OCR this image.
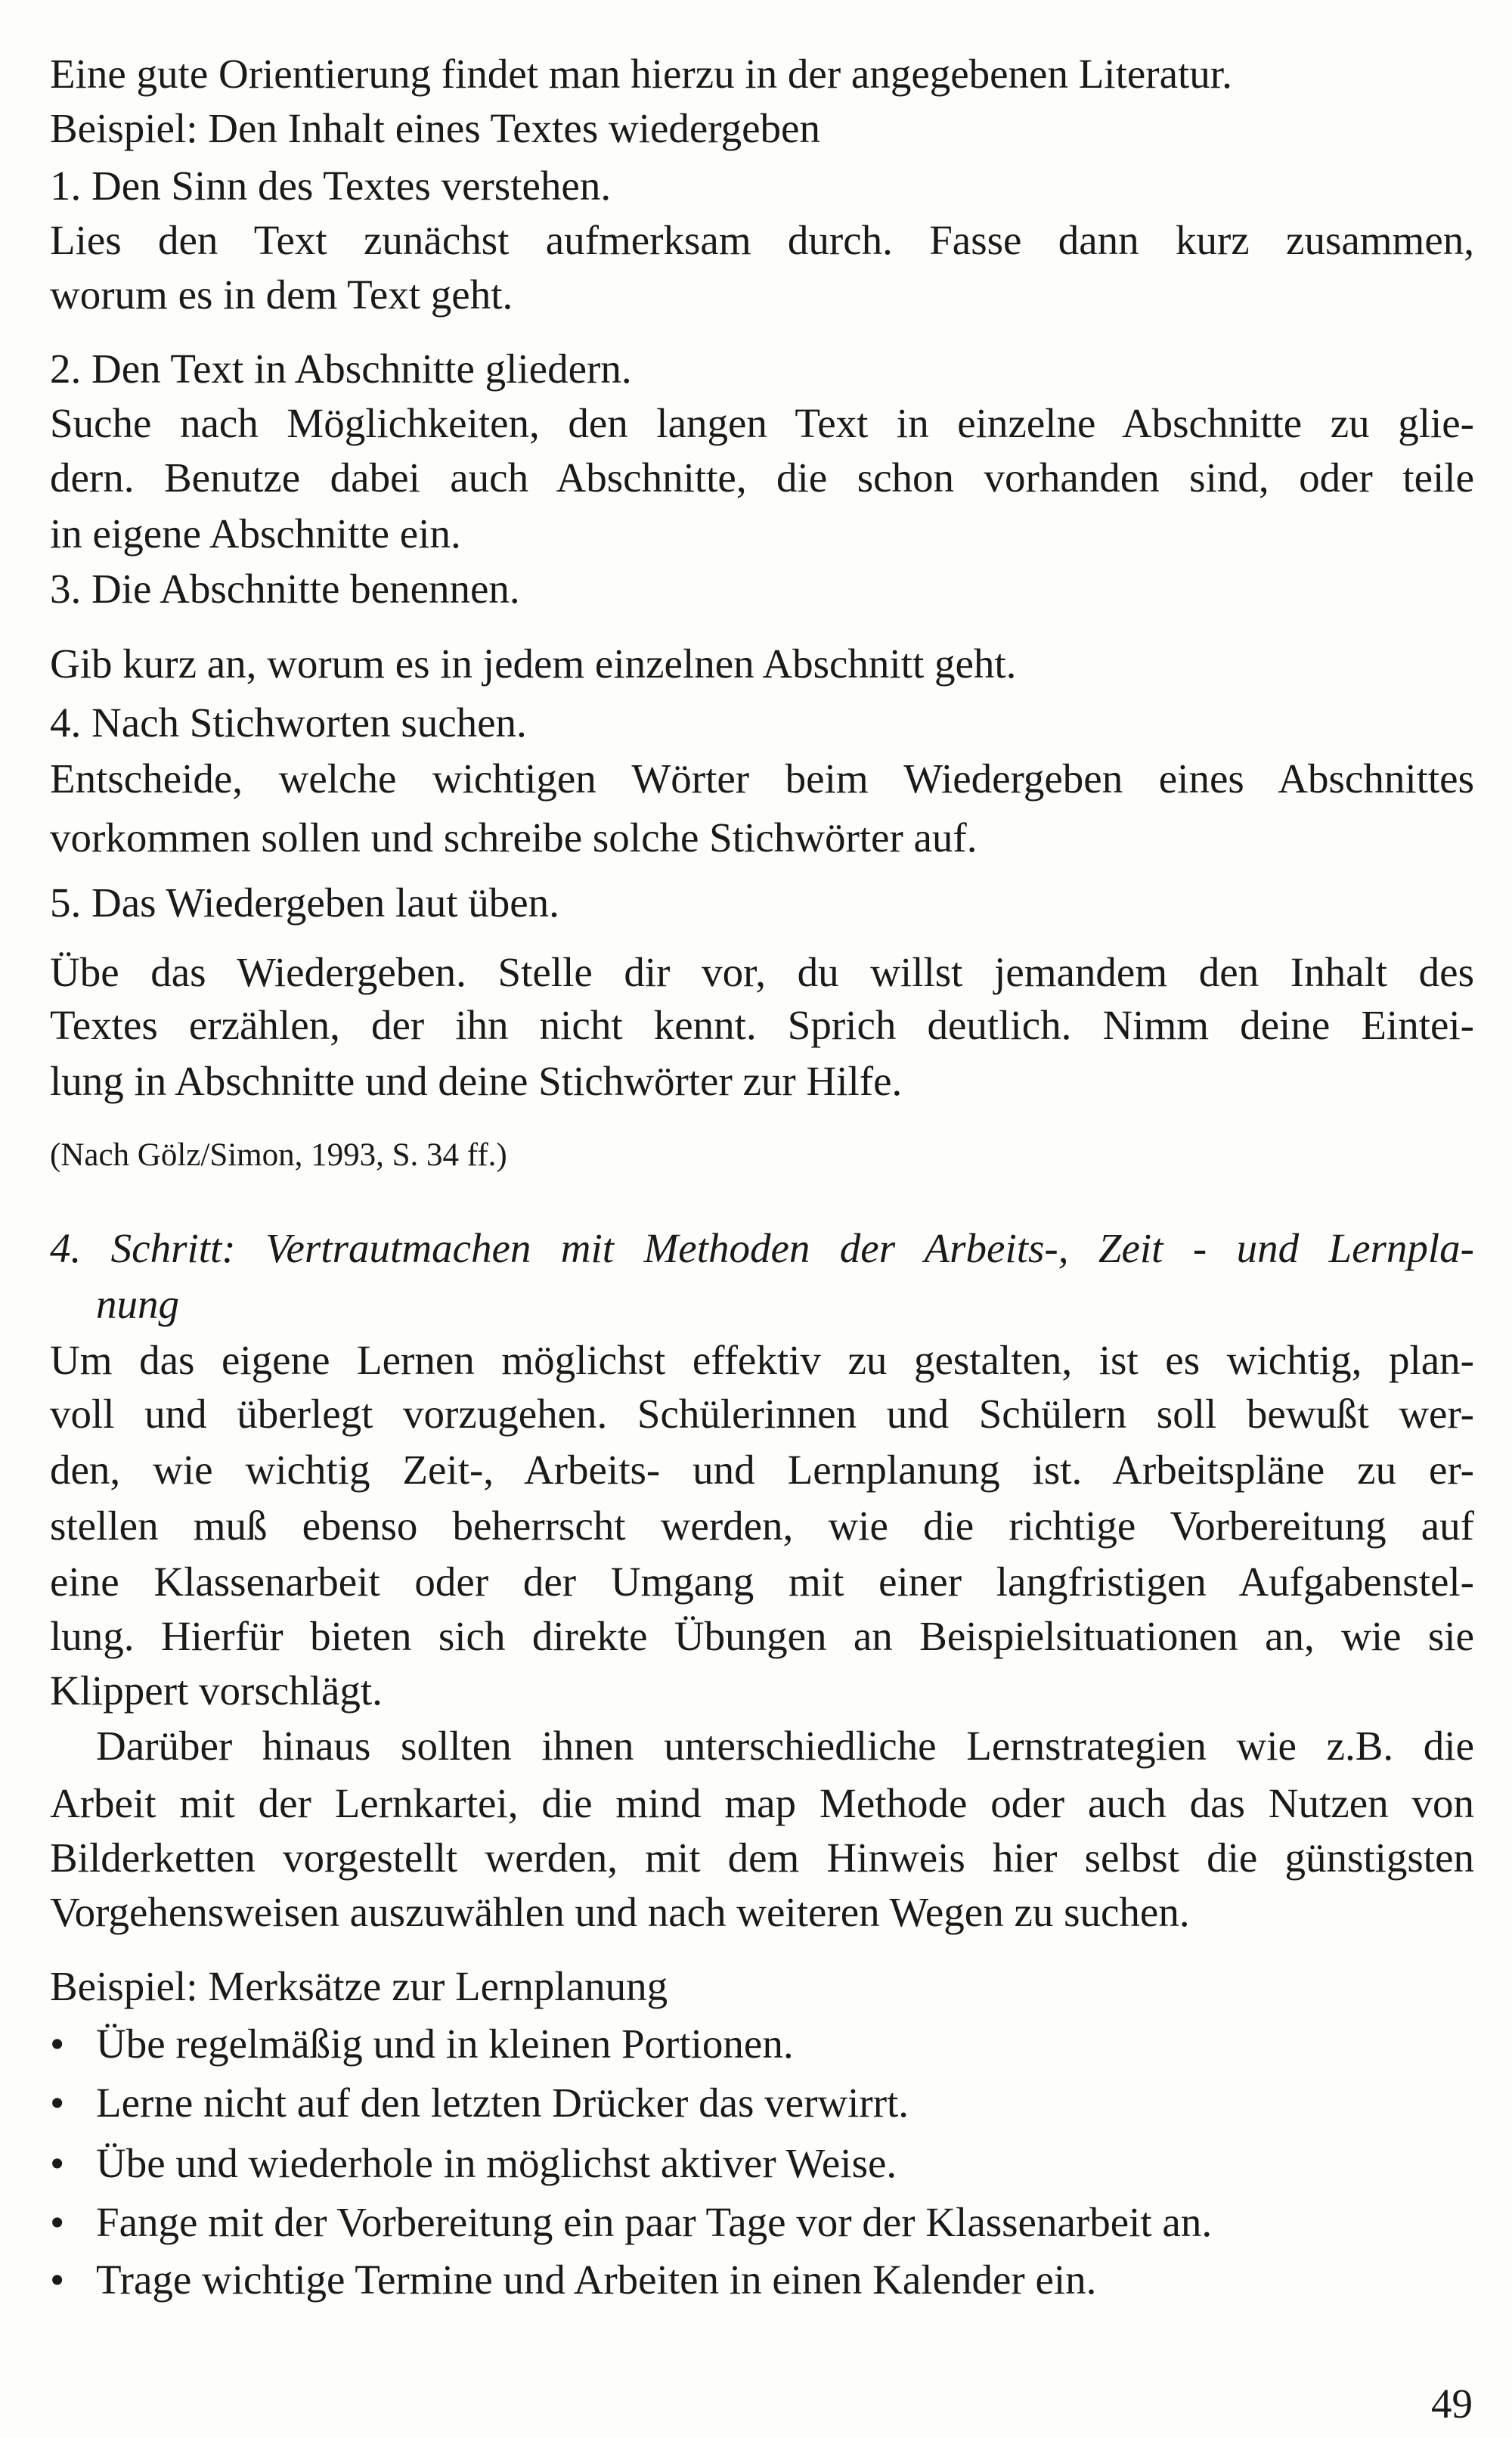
Eine gute Orientierung findet man hierzu in der angegebenen Literatur.
Beispiel: Den Inhalt eines Textes wiedergeben
1. Den Sinn des Textes verstehen.
Lies den Text zunächst aufmerksam durch. Fasse dann kurz zusammen,
worum es in dem Text geht.
2. Den Text in Abschnitte gliedern.
Suche nach Möglichkeiten, den langen Text in einzelne Abschnitte zu glie-
dern. Benutze dabei auch Abschnitte, die schon vorhanden sind, oder teile
in eigene Abschnitte ein.
3. Die Abschnitte benennen.
Gib kurz an, worum es in jedem einzelnen Abschnitt geht.
4. Nach Stichworten suchen.
Entscheide, welche wichtigen Wörter beim Wiedergeben eines Abschnittes
vorkommen sollen und schreibe solche Stichwörter auf.
5. Das Wiedergeben laut üben.
Übe das Wiedergeben. Stelle dir vor, du willst jemandem den Inhalt des
Textes erzählen, der ihn nicht kennt. Sprich deutlich. Nimm deine Eintei-
lung in Abschnitte und deine Stichwörter zur Hilfe.
(Nach Gölz/Simon, 1993, S. 34 ff.)
4. Schritt: Vertrautmachen mit Methoden der Arbeits-, Zeit - und Lernpla-
nung
Um das eigene Lernen möglichst effektiv zu gestalten, ist es wichtig, plan-
voll und überlegt vorzugehen. Schülerinnen und Schülern soll bewußt wer-
den, wie wichtig Zeit-, Arbeits- und Lernplanung ist. Arbeitspläne zu er-
stellen muß ebenso beherrscht werden, wie die richtige Vorbereitung auf
eine Klassenarbeit oder der Umgang mit einer langfristigen Aufgabenstel-
lung. Hierfür bieten sich direkte Übungen an Beispielsituationen an, wie sie
Klippert vorschlägt.
Darüber hinaus sollten ihnen unterschiedliche Lernstrategien wie z.B. die
Arbeit mit der Lernkartei, die mind map Methode oder auch das Nutzen von
Bilderketten vorgestellt werden, mit dem Hinweis hier selbst die günstigsten
Vorgehensweisen auszuwählen und nach weiteren Wegen zu suchen.
Beispiel: Merksätze zur Lernplanung
• Übe regelmäßig und in kleinen Portionen.
• Lerne nicht auf den letzten Drücker das verwirrt.
• Übe und wiederhole in möglichst aktiver Weise.
• Fange mit der Vorbereitung ein paar Tage vor der Klassenarbeit an.
• Trage wichtige Termine und Arbeiten in einen Kalender ein.
49
